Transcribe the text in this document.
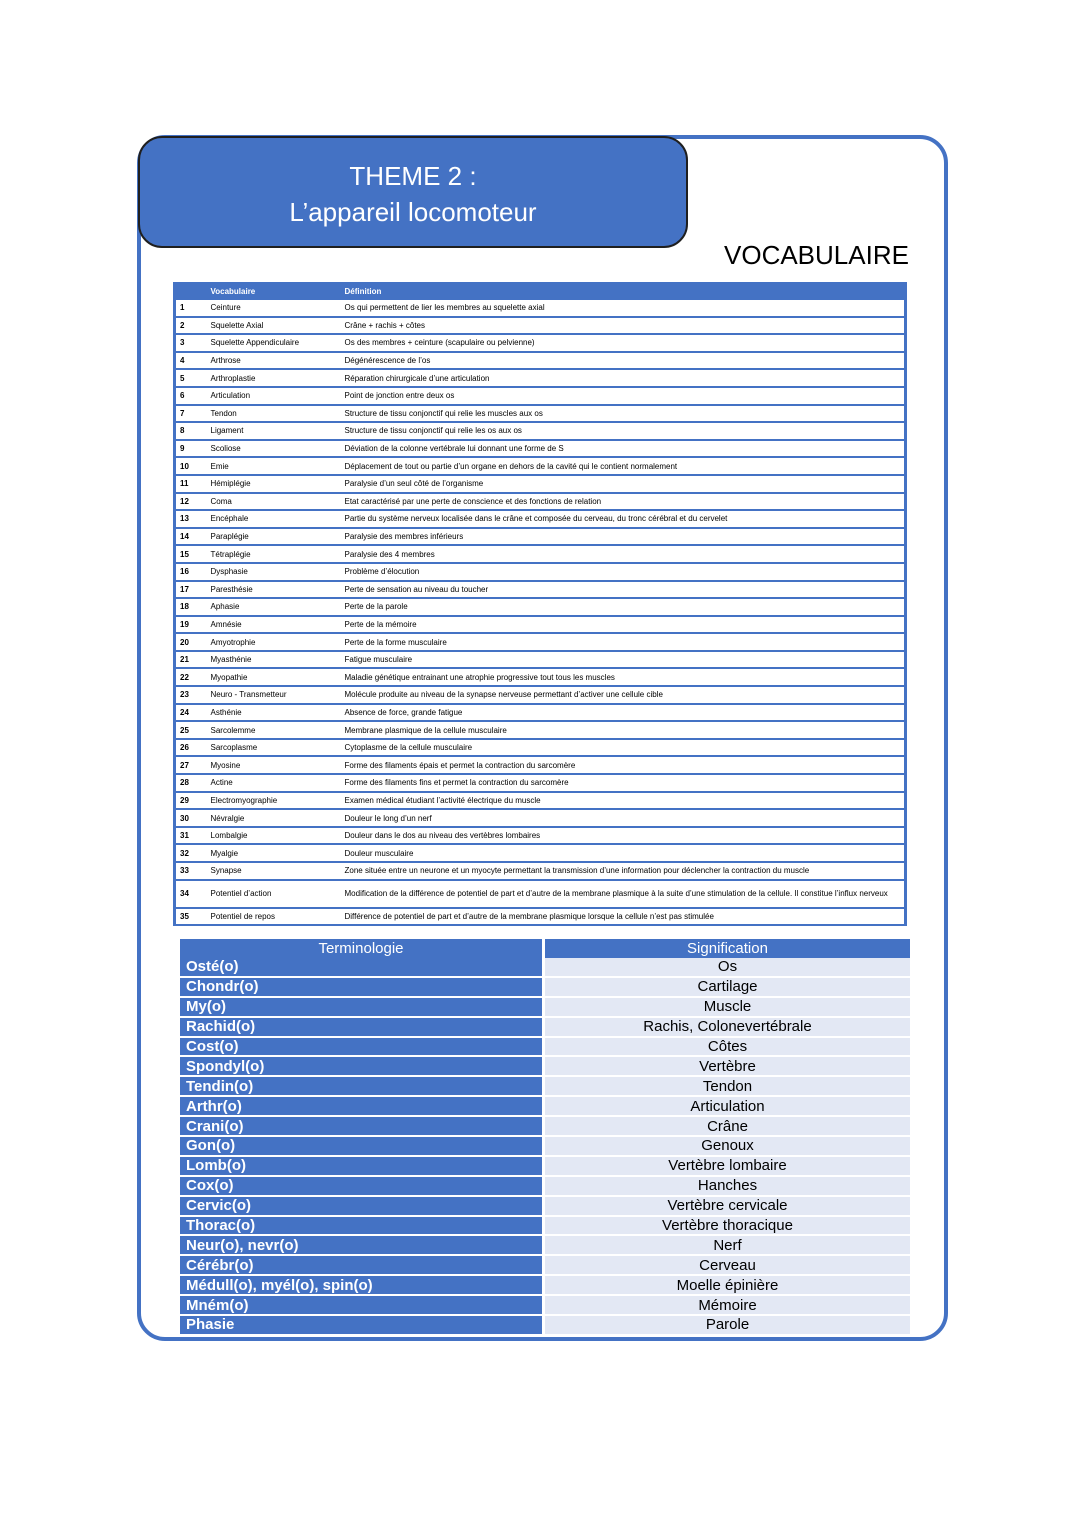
THEME 2 :
L’appareil locomoteur
VOCABULAIRE
	Vocabulaire	Définition
1	Ceinture	Os qui permettent de lier les membres au squelette axial
2	Squelette Axial	Crâne + rachis + côtes
3	Squelette Appendiculaire	Os des membres + ceinture (scapulaire ou pelvienne)
4	Arthrose	Dégénérescence de l’os
5	Arthroplastie	Réparation chirurgicale d’une articulation
6	Articulation	Point de jonction entre deux os
7	Tendon	Structure de tissu conjonctif qui relie les muscles aux os
8	Ligament	Structure de tissu conjonctif qui relie les os aux os
9	Scoliose	Déviation de la colonne vertébrale lui donnant une forme de S
10	Emie	Déplacement de tout ou partie d’un organe en dehors de la cavité qui le contient normalement
11	Hémiplégie	Paralysie d’un seul côté de l’organisme
12	Coma	Etat caractérisé par une perte de conscience et des fonctions de relation
13	Encéphale	Partie du système nerveux localisée dans le crâne et composée du cerveau, du tronc cérébral et du cervelet
14	Paraplégie	Paralysie des membres inférieurs
15	Tétraplégie	Paralysie des 4 membres
16	Dysphasie	Problème d’élocution
17	Paresthésie	Perte de sensation au niveau du toucher
18	Aphasie	Perte de la parole
19	Amnésie	Perte de la mémoire
20	Amyotrophie	Perte de la forme musculaire
21	Myasthénie	Fatigue musculaire
22	Myopathie	Maladie génétique entrainant une atrophie progressive tout tous les muscles
23	Neuro - Transmetteur	Molécule produite au niveau de la synapse nerveuse permettant d’activer une cellule cible
24	Asthénie	Absence de force, grande fatigue
25	Sarcolemme	Membrane plasmique de la cellule musculaire
26	Sarcoplasme	Cytoplasme de la cellule musculaire
27	Myosine	Forme des filaments épais et permet la contraction du sarcomère
28	Actine	Forme des filaments fins et permet la contraction du sarcomère
29	Electromyographie	Examen médical étudiant l’activité électrique du muscle
30	Névralgie	Douleur le long d’un nerf
31	Lombalgie	Douleur dans le dos au niveau des vertèbres lombaires
32	Myalgie	Douleur musculaire
33	Synapse	Zone située entre un neurone et un myocyte permettant la transmission d’une information pour déclencher la contraction du muscle
34	Potentiel d’action	Modification de la différence de potentiel de part et d’autre de la membrane plasmique à la suite d’une stimulation de la cellule. Il constitue l’influx nerveux
35	Potentiel de repos	Différence de potentiel de part et d’autre de la membrane plasmique lorsque la cellule n’est pas stimulée
Terminologie	Signification
Osté(o)	Os
Chondr(o)	Cartilage
My(o)	Muscle
Rachid(o)	Rachis, Colonevertébrale
Cost(o)	Côtes
Spondyl(o)	Vertèbre
Tendin(o)	Tendon
Arthr(o)	Articulation
Crani(o)	Crâne
Gon(o)	Genoux
Lomb(o)	Vertèbre lombaire
Cox(o)	Hanches
Cervic(o)	Vertèbre cervicale
Thorac(o)	Vertèbre thoracique
Neur(o), nevr(o)	Nerf
Cérébr(o)	Cerveau
Médull(o), myél(o), spin(o)	Moelle épinière
Mném(o)	Mémoire
Phasie	Parole
